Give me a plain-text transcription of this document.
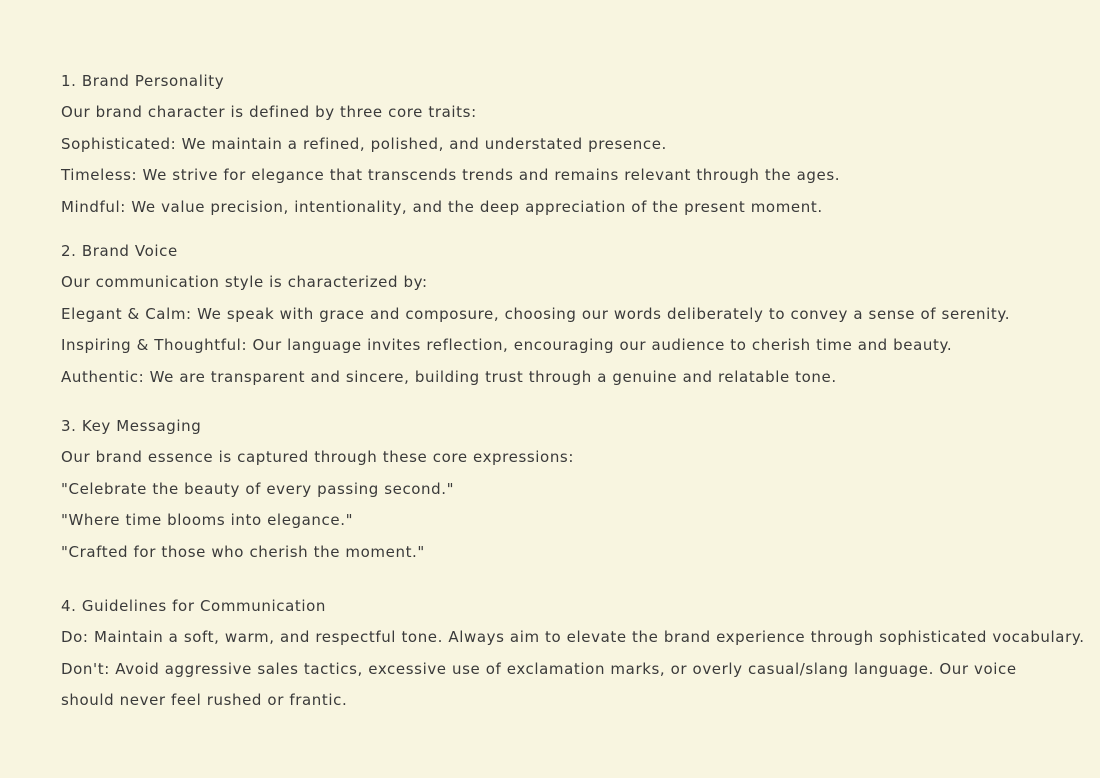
1. Brand Personality

Our brand character is defined by three core traits:

Sophisticated: We maintain a refined, polished, and understated presence.

Timeless: We strive for elegance that transcends trends and remains relevant through the ages.

Mindful: We value precision, intentionality, and the deep appreciation of the present moment.

2. Brand Voice

Our communication style is characterized by:

Elegant & Calm: We speak with grace and composure, choosing our words deliberately to convey a sense of serenity.

Inspiring & Thoughtful: Our language invites reflection, encouraging our audience to cherish time and beauty.

Authentic: We are transparent and sincere, building trust through a genuine and relatable tone.

3. Key Messaging

Our brand essence is captured through these core expressions:

"Celebrate the beauty of every passing second."

"Where time blooms into elegance."

"Crafted for those who cherish the moment."

4. Guidelines for Communication

Do: Maintain a soft, warm, and respectful tone. Always aim to elevate the brand experience through sophisticated vocabulary.

Don't: Avoid aggressive sales tactics, excessive use of exclamation marks, or overly casual/slang language. Our voice should never feel rushed or frantic.
